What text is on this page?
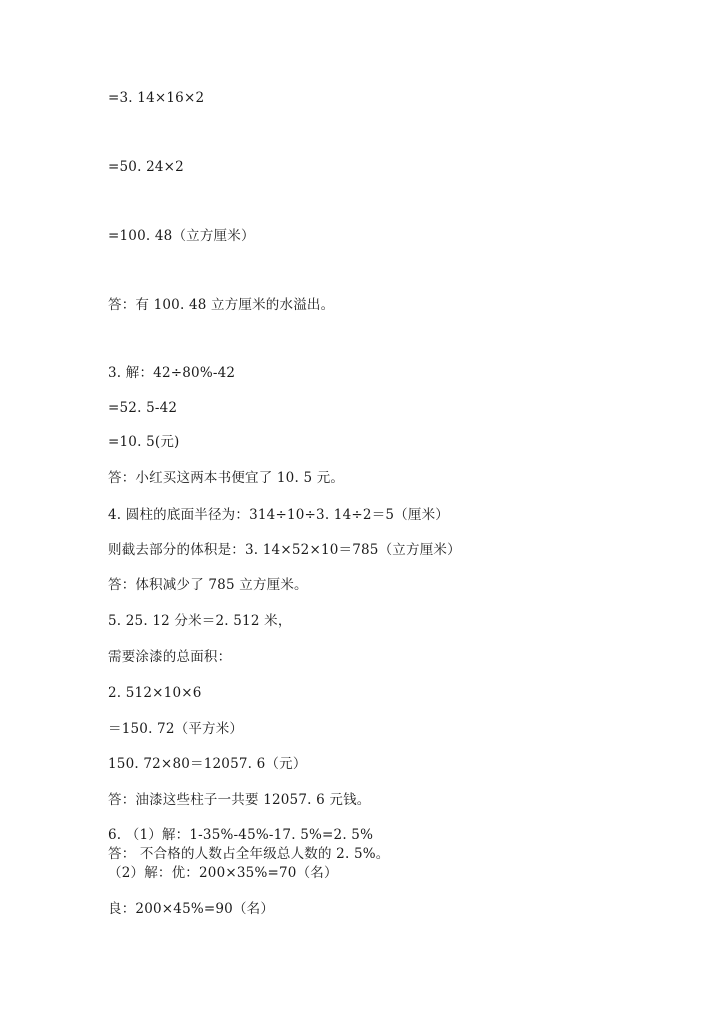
=3. 14×16×2
=50. 24×2
=100. 48（立方厘米）
答：有 100. 48 立方厘米的水溢出。
3. 解：42÷80%-42
=52. 5-42
=10. 5(元)
答：小红买这两本书便宜了 10. 5 元。
4. 圆柱的底面半径为：314÷10÷3. 14÷2＝5（厘米）
则截去部分的体积是：3. 14×52×10＝785（立方厘米）
答：体积减少了 785 立方厘米。
5. 25. 12 分米＝2. 512 米，
需要涂漆的总面积：
2. 512×10×6
＝150. 72（平方米）
150. 72×80＝12057. 6（元）
答：油漆这些柱子一共要 12057. 6 元钱。
6. （1）解：1-35%-45%-17. 5%=2. 5%
答： 不合格的人数占全年级总人数的 2. 5%。
（2）解：优：200×35%=70（名）
良：200×45%=90（名）
